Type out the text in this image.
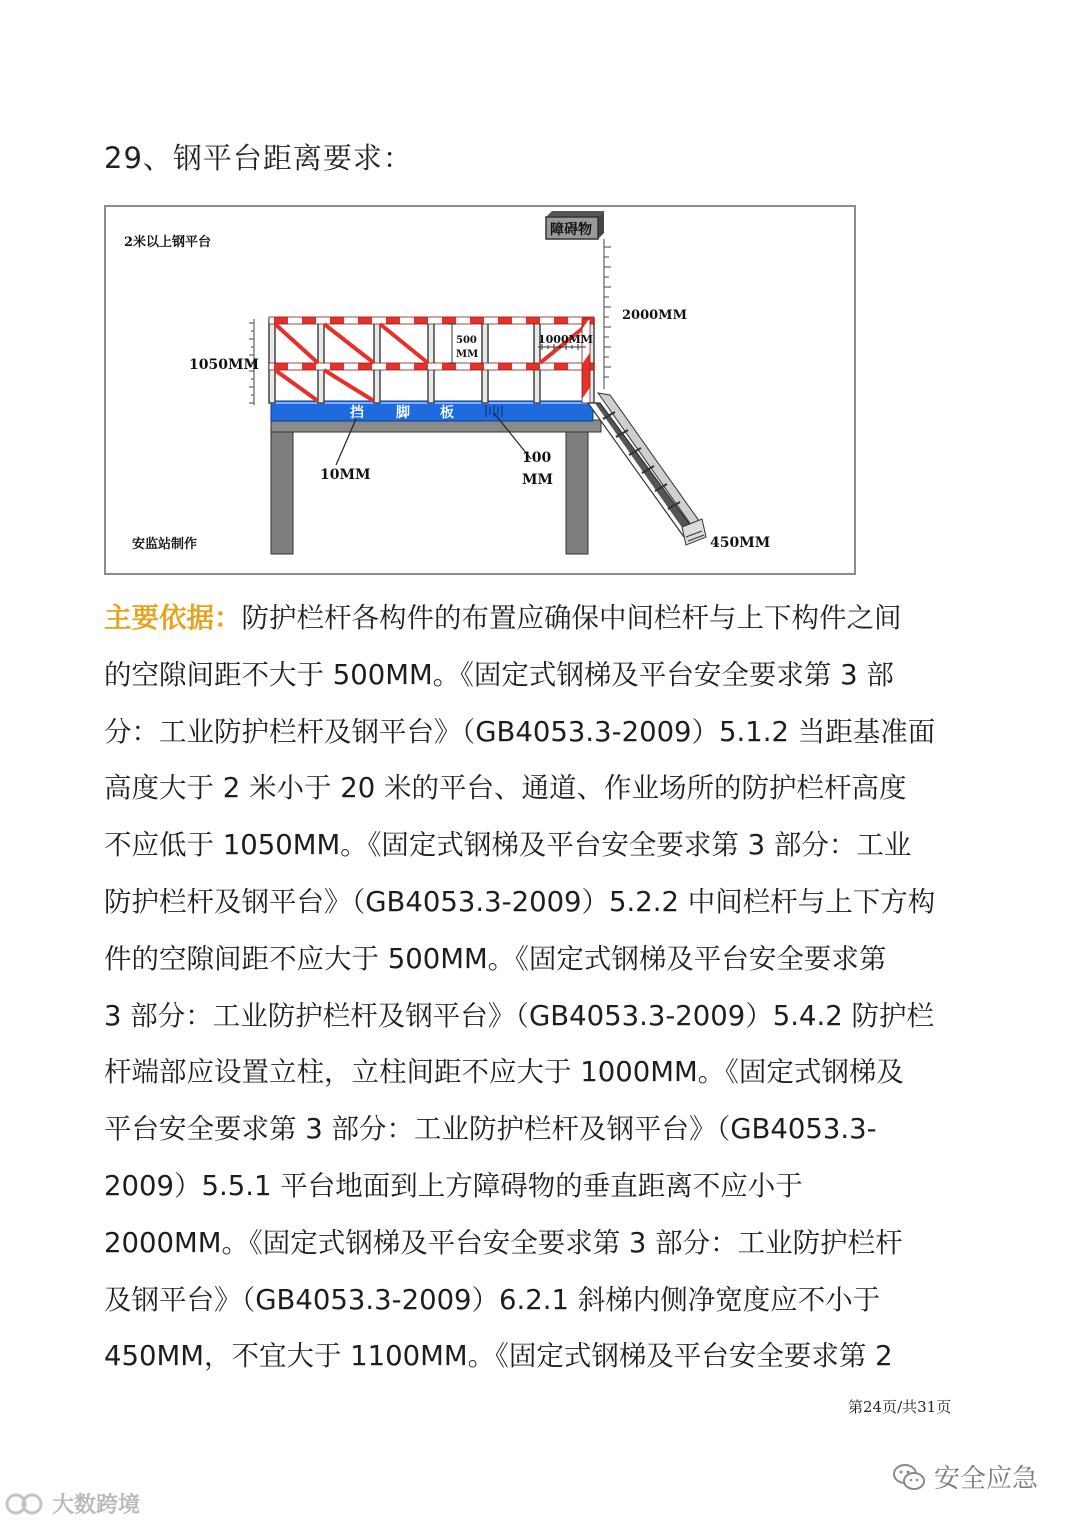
29、钢平台距离要求：
障碍物
2000MM
2米以上钢平台
1050MM
挡 脚 板
500
MM
1000MM
10MM
100
MM
450MM
安监站制作
主要依据：防护栏杆各构件的布置应确保中间栏杆与上下构件之间
的空隙间距不大于 500MM。《固定式钢梯及平台安全要求第 3 部
分：工业防护栏杆及钢平台》（GB4053.3-2009）5.1.2 当距基准面
高度大于 2 米小于 20 米的平台、通道、作业场所的防护栏杆高度
不应低于 1050MM。《固定式钢梯及平台安全要求第 3 部分：工业
防护栏杆及钢平台》（GB4053.3-2009）5.2.2 中间栏杆与上下方构
件的空隙间距不应大于 500MM。《固定式钢梯及平台安全要求第
3 部分：工业防护栏杆及钢平台》（GB4053.3-2009）5.4.2 防护栏
杆端部应设置立柱，立柱间距不应大于 1000MM。《固定式钢梯及
平台安全要求第 3 部分：工业防护栏杆及钢平台》（GB4053.3-
2009）5.5.1 平台地面到上方障碍物的垂直距离不应小于
2000MM。《固定式钢梯及平台安全要求第 3 部分：工业防护栏杆
及钢平台》（GB4053.3-2009）6.2.1 斜梯内侧净宽度应不小于
450MM，不宜大于 1100MM。《固定式钢梯及平台安全要求第 2
第24页/共31页
安全应急
大数跨境
